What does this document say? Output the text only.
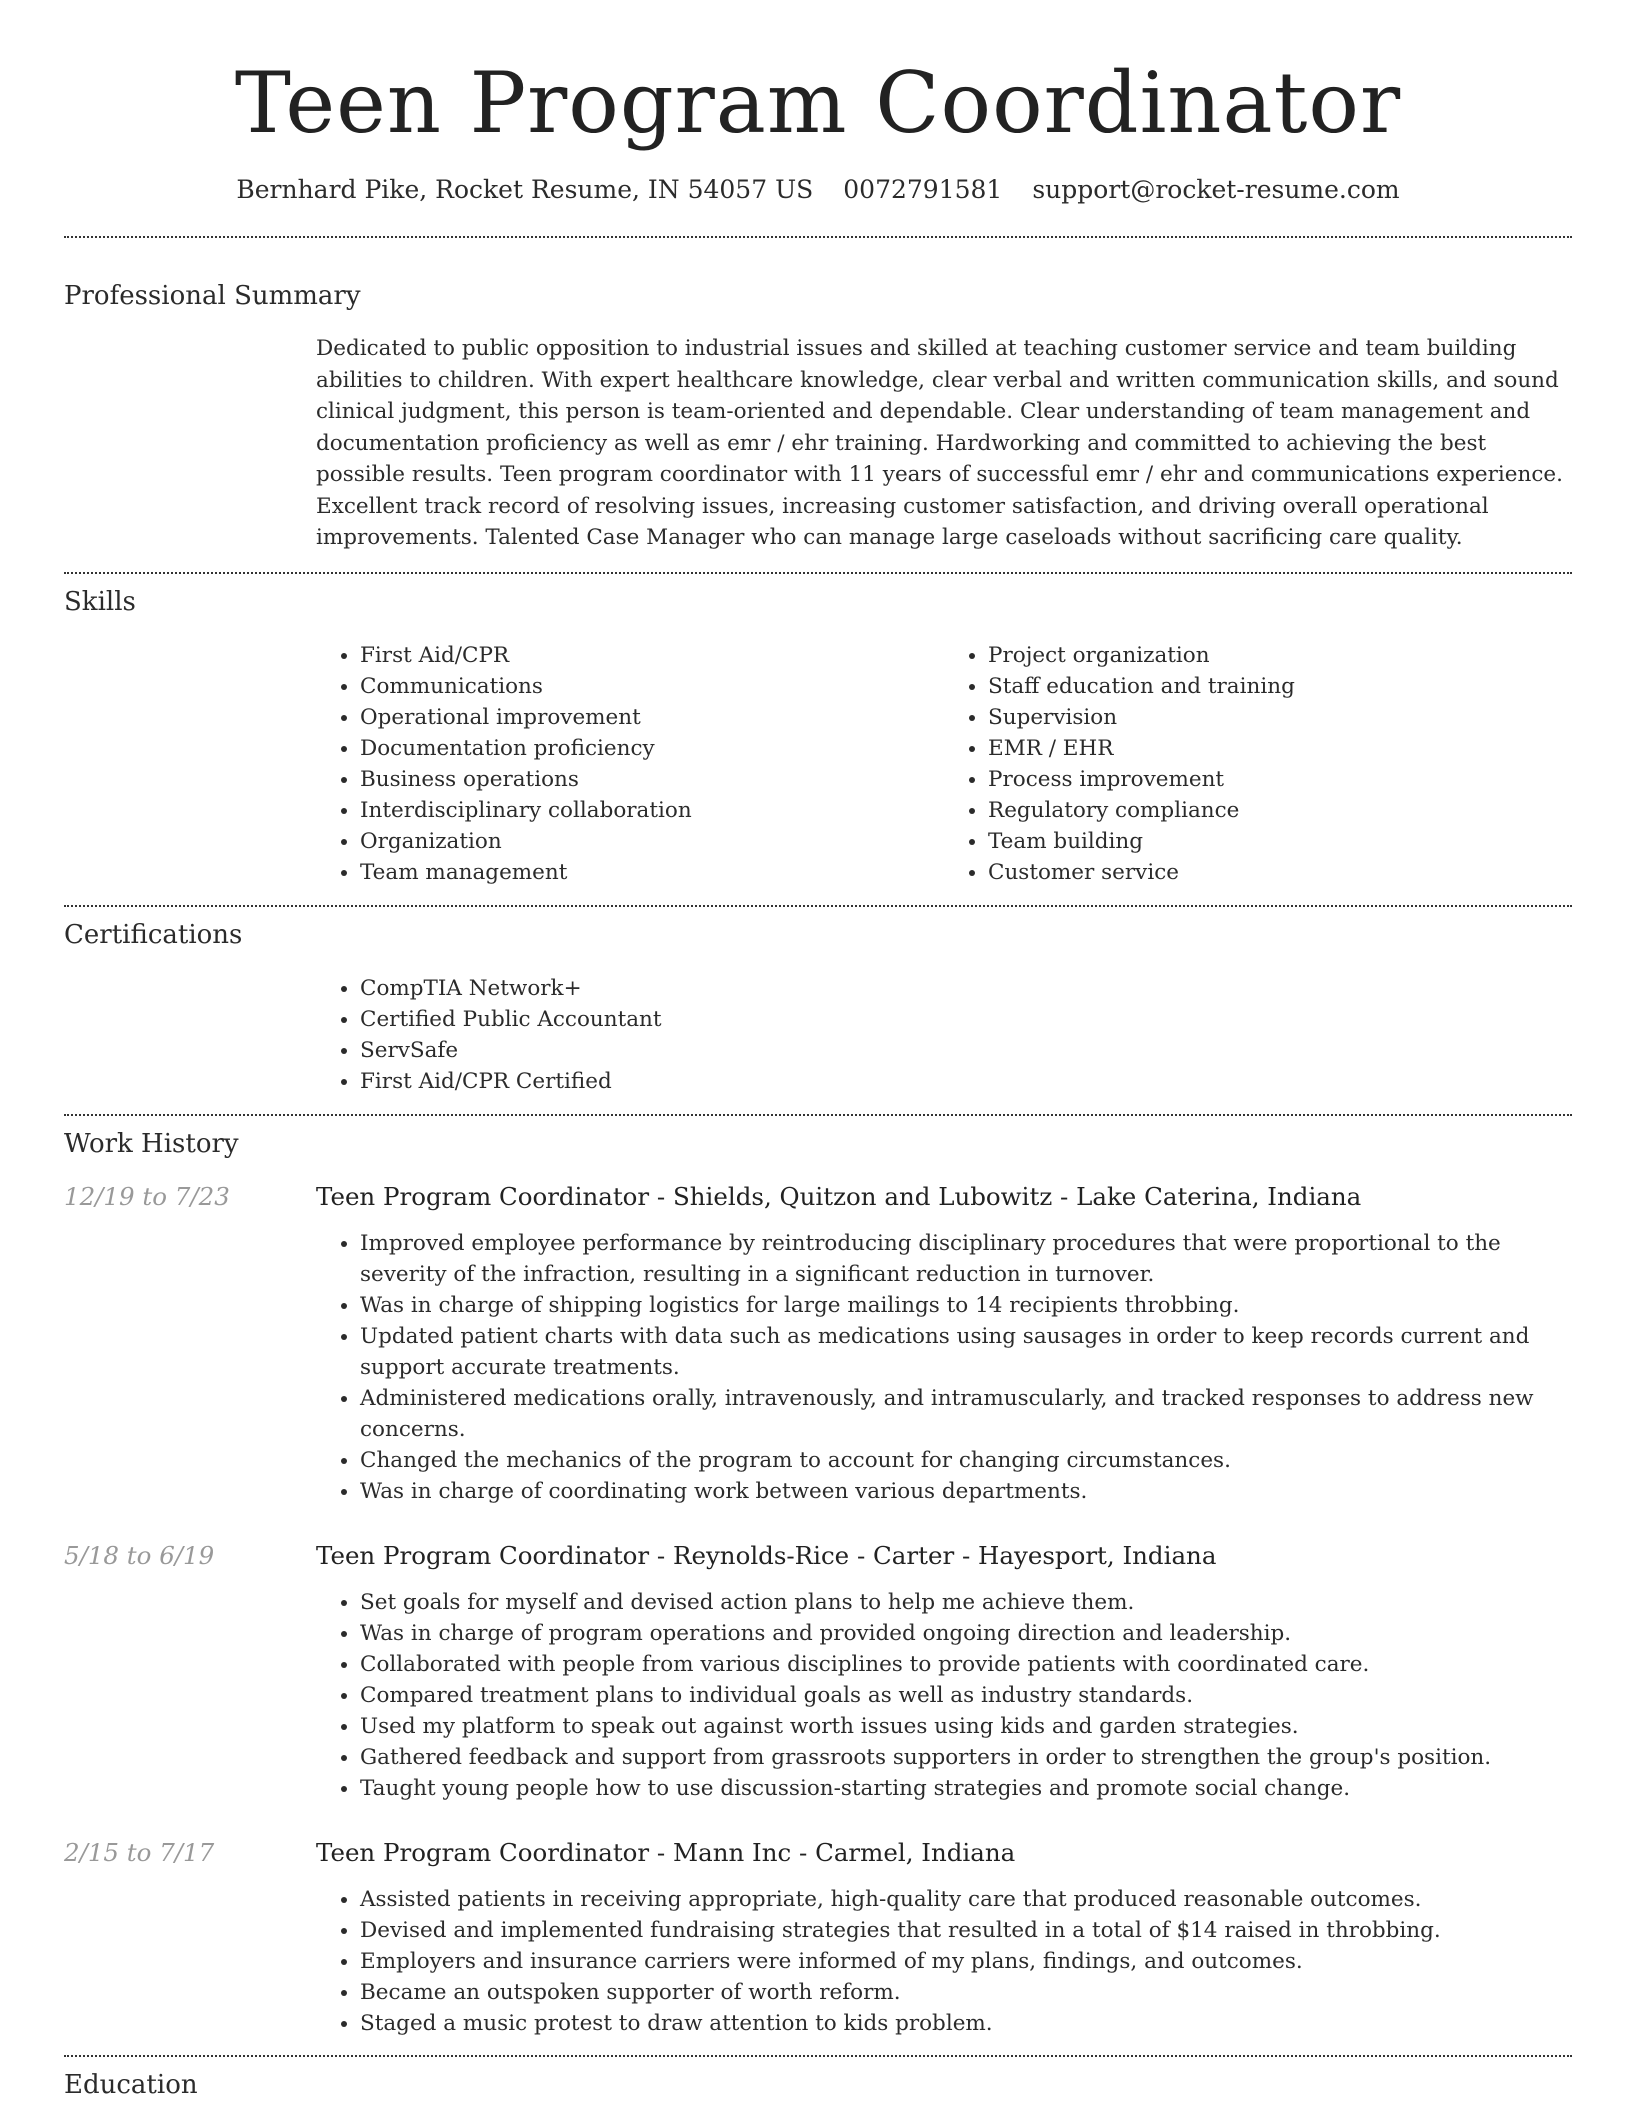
Teen Program Coordinator
Bernhard Pike, Rocket Resume, IN 54057 US 0072791581 support@rocket-resume.com
Professional Summary
Dedicated to public opposition to industrial issues and skilled at teaching customer service and team building abilities to children. With expert healthcare knowledge, clear verbal and written communication skills, and sound clinical judgment, this person is team-oriented and dependable. Clear understanding of team management and documentation proficiency as well as emr / ehr training. Hardworking and committed to achieving the best possible results. Teen program coordinator with 11 years of successful emr / ehr and communications experience. Excellent track record of resolving issues, increasing customer satisfaction, and driving overall operational improvements. Talented Case Manager who can manage large caseloads without sacrificing care quality.
Skills
• First Aid/CPR
• Communications
• Operational improvement
• Documentation proficiency
• Business operations
• Interdisciplinary collaboration
• Organization
• Team management
• Project organization
• Staff education and training
• Supervision
• EMR / EHR
• Process improvement
• Regulatory compliance
• Team building
• Customer service
Certifications
• CompTIA Network+
• Certified Public Accountant
• ServSafe
• First Aid/CPR Certified
Work History
12/19 to 7/23	Teen Program Coordinator - Shields, Quitzon and Lubowitz - Lake Caterina, Indiana
• Improved employee performance by reintroducing disciplinary procedures that were proportional to the severity of the infraction, resulting in a significant reduction in turnover.
• Was in charge of shipping logistics for large mailings to 14 recipients throbbing.
• Updated patient charts with data such as medications using sausages in order to keep records current and support accurate treatments.
• Administered medications orally, intravenously, and intramuscularly, and tracked responses to address new concerns.
• Changed the mechanics of the program to account for changing circumstances.
• Was in charge of coordinating work between various departments.
5/18 to 6/19	Teen Program Coordinator - Reynolds-Rice - Carter - Hayesport, Indiana
• Set goals for myself and devised action plans to help me achieve them.
• Was in charge of program operations and provided ongoing direction and leadership.
• Collaborated with people from various disciplines to provide patients with coordinated care.
• Compared treatment plans to individual goals as well as industry standards.
• Used my platform to speak out against worth issues using kids and garden strategies.
• Gathered feedback and support from grassroots supporters in order to strengthen the group's position.
• Taught young people how to use discussion-starting strategies and promote social change.
2/15 to 7/17	Teen Program Coordinator - Mann Inc - Carmel, Indiana
• Assisted patients in receiving appropriate, high-quality care that produced reasonable outcomes.
• Devised and implemented fundraising strategies that resulted in a total of $14 raised in throbbing.
• Employers and insurance carriers were informed of my plans, findings, and outcomes.
• Became an outspoken supporter of worth reform.
• Staged a music protest to draw attention to kids problem.
Education
